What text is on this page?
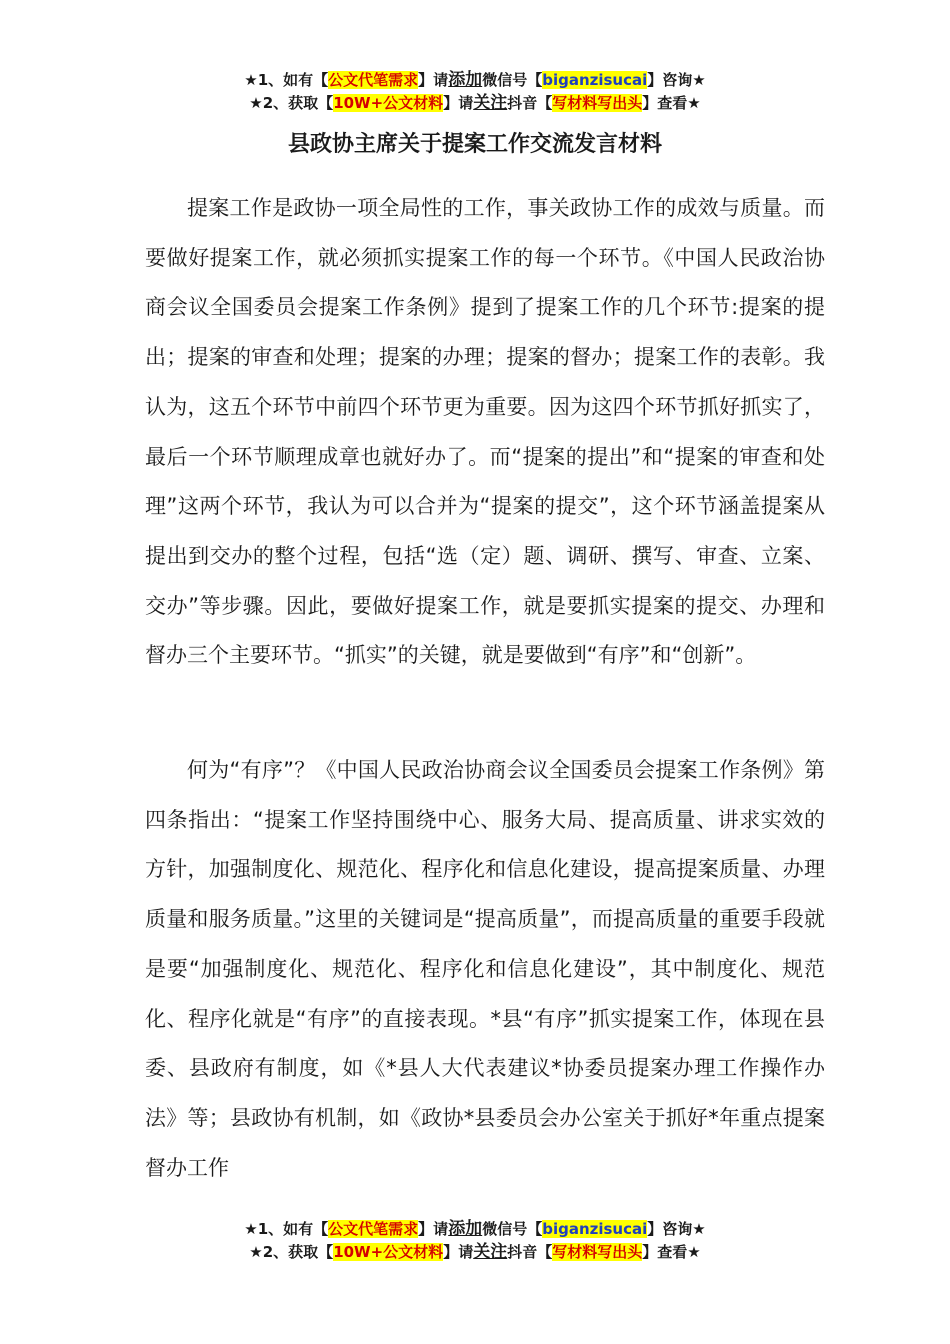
★1、如有【公文代笔需求】请添加微信号【biganzisucai】咨询★
★2、获取【10W+公文材料】请关注抖音【写材料写出头】查看★
县政协主席关于提案工作交流发言材料

提案工作是政协一项全局性的工作，事关政协工作的成效与质量。而要做好提案工作，就必须抓实提案工作的每一个环节。《中国人民政治协商会议全国委员会提案工作条例》提到了提案工作的几个环节:提案的提出；提案的审查和处理；提案的办理；提案的督办；提案工作的表彰。我认为，这五个环节中前四个环节更为重要。因为这四个环节抓好抓实了，最后一个环节顺理成章也就好办了。而“提案的提出”和“提案的审查和处理”这两个环节，我认为可以合并为“提案的提交”，这个环节涵盖提案从提出到交办的整个过程，包括“选（定）题、调研、撰写、审查、立案、交办”等步骤。因此，要做好提案工作，就是要抓实提案的提交、办理和督办三个主要环节。“抓实”的关键，就是要做到“有序”和“创新”。

何为“有序”？《中国人民政治协商会议全国委员会提案工作条例》第四条指出：“提案工作坚持围绕中心、服务大局、提高质量、讲求实效的方针，加强制度化、规范化、程序化和信息化建设，提高提案质量、办理质量和服务质量。”这里的关键词是“提高质量”，而提高质量的重要手段就是要“加强制度化、规范化、程序化和信息化建设”，其中制度化、规范化、程序化就是“有序”的直接表现。*县“有序”抓实提案工作，体现在县委、县政府有制度，如《*县人大代表建议*协委员提案办理工作操作办法》等；县政协有机制，如《政协*县委员会办公室关于抓好*年重点提案督办工作

★1、如有【公文代笔需求】请添加微信号【biganzisucai】咨询★
★2、获取【10W+公文材料】请关注抖音【写材料写出头】查看★
